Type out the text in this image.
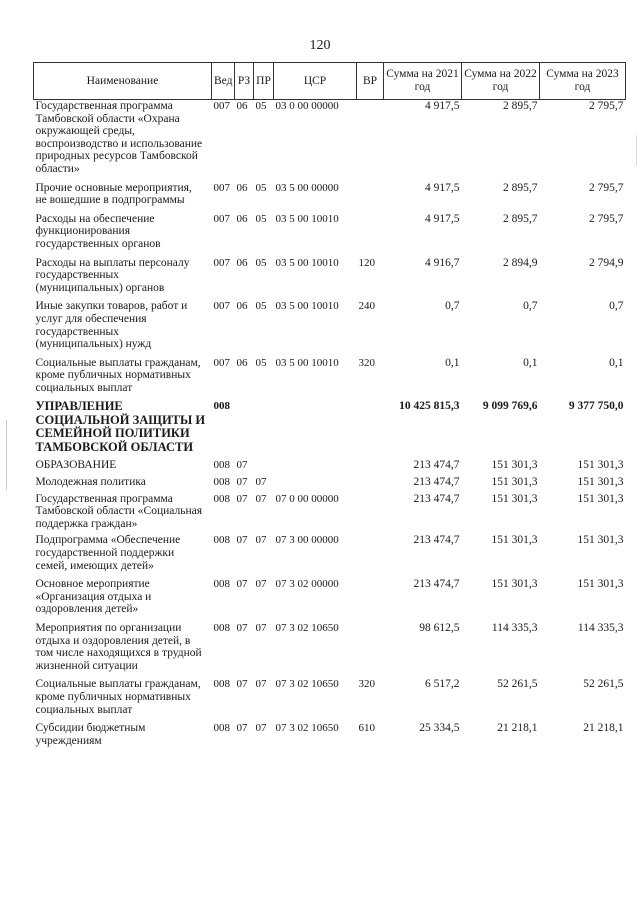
120
Наименование	Вед	РЗ	ПР	ЦСР	ВР	Сумма на 2021 год	Сумма на 2022 год	Сумма на 2023 год
Государственная программа Тамбовской области «Охрана окружающей среды, воспроизводство и использование природных ресурсов Тамбовской области»	007	06	05	03 0 00 00000		4 917,5	2 895,7	2 795,7

Прочие основные мероприятия, не вошедшие в подпрограммы	007	06	05	03 5 00 00000		4 917,5	2 895,7	2 795,7

Расходы на обеспечение функционирования государственных органов	007	06	05	03 5 00 10010		4 917,5	2 895,7	2 795,7

Расходы на выплаты персоналу государственных (муниципальных) органов	007	06	05	03 5 00 10010	120	4 916,7	2 894,9	2 794,9

Иные закупки товаров, работ и услуг для обеспечения государственных (муниципальных) нужд	007	06	05	03 5 00 10010	240	0,7	0,7	0,7

Социальные выплаты гражданам, кроме публичных нормативных социальных выплат	007	06	05	03 5 00 10010	320	0,1	0,1	0,1

УПРАВЛЕНИЕ СОЦИАЛЬНОЙ ЗАЩИТЫ И СЕМЕЙНОЙ ПОЛИТИКИ ТАМБОВСКОЙ ОБЛАСТИ	008					10 425 815,3	9 099 769,6	9 377 750,0

ОБРАЗОВАНИЕ	008	07				213 474,7	151 301,3	151 301,3

Молодежная политика	008	07	07			213 474,7	151 301,3	151 301,3

Государственная программа Тамбовской области «Социальная поддержка граждан»	008	07	07	07 0 00 00000		213 474,7	151 301,3	151 301,3

Подпрограмма «Обеспечение государственной поддержки семей, имеющих детей»	008	07	07	07 3 00 00000		213 474,7	151 301,3	151 301,3

Основное мероприятие «Организация отдыха и оздоровления детей»	008	07	07	07 3 02 00000		213 474,7	151 301,3	151 301,3

Мероприятия по организации отдыха и оздоровления детей, в том числе находящихся в трудной жизненной ситуации	008	07	07	07 3 02 10650		98 612,5	114 335,3	114 335,3

Социальные выплаты гражданам, кроме публичных нормативных социальных выплат	008	07	07	07 3 02 10650	320	6 517,2	52 261,5	52 261,5

Субсидии бюджетным учреждениям	008	07	07	07 3 02 10650	610	25 334,5	21 218,1	21 218,1
